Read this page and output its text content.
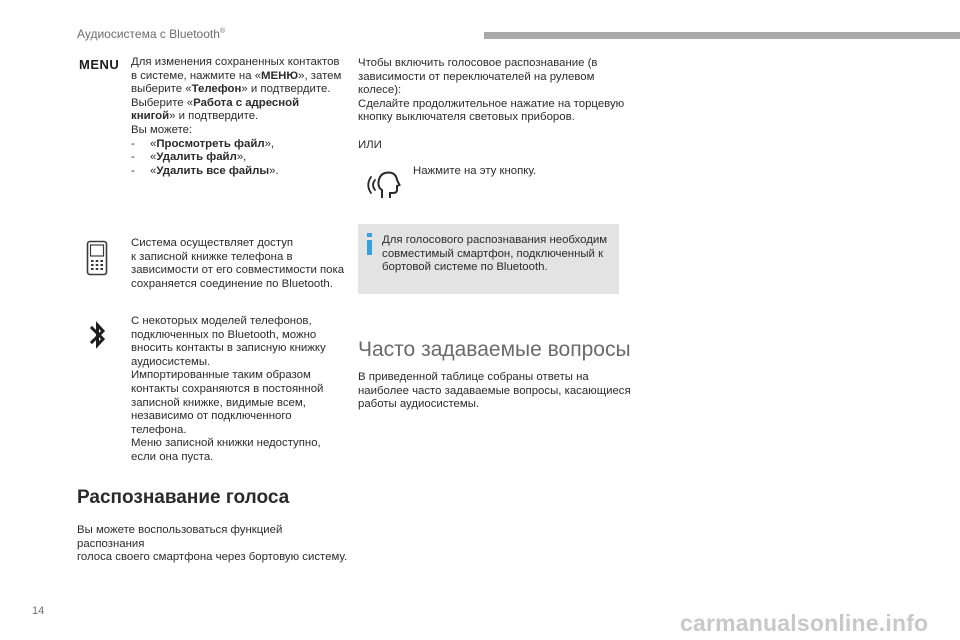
Аудиосистема с Bluetooth®
MENU	Для изменения сохраненных контактов

в системе, нажмите на «МЕНЮ», затем

выберите «Телефон» и подтвердите.

Выберите «Работа с адресной

книгой» и подтвердите.

Вы можете:

-	«Просмотреть файл»,
-	«Удалить файл»,
-	«Удалить все файлы».

Система осуществляет доступ

к записной книжке телефона в

зависимости от его совместимости пока

сохраняется соединение по Bluetooth.

С некоторых моделей телефонов,

подключенных по Bluetooth, можно

вносить контакты в записную книжку

аудиосистемы.

Импортированные таким образом

контакты сохраняются в постоянной

записной книжке, видимые всем,

независимо от подключенного

телефона.

Меню записной книжки недоступно,

если она пуста.

Распознавание голоса

Вы можете воспользоваться функцией распознания

голоса своего смартфона через бортовую систему.

Чтобы включить голосовое распознавание (в

зависимости от переключателей на рулевом

колесе):

Сделайте продолжительное нажатие на торцевую

кнопку выключателя световых приборов.

ИЛИ
Нажмите на эту кнопку.

Для голосового распознавания необходим

совместимый смартфон, подключенный к

бортовой системе по Bluetooth.

Часто задаваемые вопросы

В приведенной таблице собраны ответы на

наиболее часто задаваемые вопросы, касающиеся

работы аудиосистемы.

14	carmanualsonline.info
